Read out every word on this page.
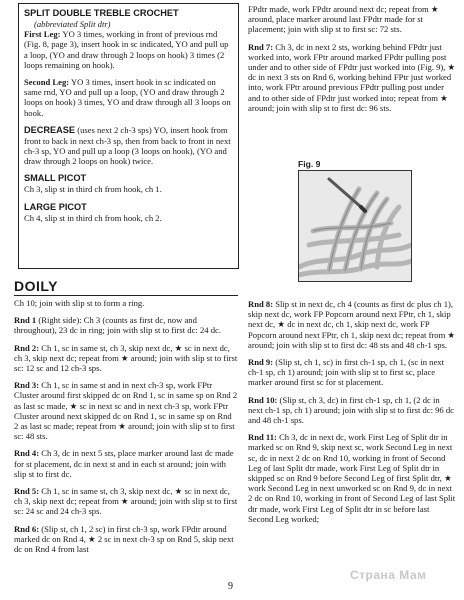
SPLIT DOUBLE TREBLE CROCHET

(abbreviated Split dtr)

First Leg: YO 3 times, working in front of previous rnd (Fig. 8, page 3), insert hook in sc indicated, YO and pull up a loop, (YO and draw through 2 loops on hook) 3 times (2 loops remaining on hook).

Second Leg: YO 3 times, insert hook in sc indicated on same rnd, YO and pull up a loop, (YO and draw through 2 loops on hook) 3 times, YO and draw through all 3 loops on hook.

DECREASE (uses next 2 ch-3 sps) YO, insert hook from front to back in next ch-3 sp, then from back to front in next ch-3 sp, YO and pull up a loop (3 loops on hook), (YO and draw through 2 loops on hook) twice.

SMALL PICOT

Ch 3, slip st in third ch from hook, ch 1.

LARGE PICOT

Ch 4, slip st in third ch from hook, ch 2.

FPdtr made, work FPdtr around next dc; repeat from ★ around, place marker around last FPdtr made for st placement; join with slip st to first sc: 72 sts.

Rnd 7: Ch 3, dc in next 2 sts, working behind FPdtr just worked into, work FPtr around marked FPdtr pulling post under and to other side of FPdtr just worked into (Fig. 9), ★ dc in next 3 sts on Rnd 6, working behind FPtr just worked into, work FPtr around previous FPdtr pulling post under and to other side of FPdtr just worked into; repeat from ★ around; join with slip st to first dc: 96 sts.

Fig. 9
DOILY

Ch 10; join with slip st to form a ring.

Rnd 1 (Right side): Ch 3 (counts as first dc, now and throughout), 23 dc in ring; join with slip st to first dc: 24 dc.

Rnd 2: Ch 1, sc in same st, ch 3, skip next dc, ★ sc in next dc, ch 3, skip next dc; repeat from ★ around; join with slip st to first sc: 12 sc and 12 ch-3 sps.

Rnd 3: Ch 1, sc in same st and in next ch-3 sp, work FPtr Cluster around first skipped dc on Rnd 1, sc in same sp on Rnd 2 as last sc made, ★ sc in next sc and in next ch-3 sp, work FPtr Cluster around next skipped dc on Rnd 1, sc in same sp on Rnd 2 as last sc made; repeat from ★ around; join with slip st to first sc: 48 sts.

Rnd 4: Ch 3, dc in next 5 sts, place marker around last dc made for st placement, dc in next st and in each st around; join with slip st to first dc.

Rnd 5: Ch 1, sc in same st, ch 3, skip next dc, ★ sc in next dc, ch 3, skip next dc; repeat from ★ around; join with slip st to first sc: 24 sc and 24 ch-3 sps.

Rnd 6: (Slip st, ch 1, 2 sc) in first ch-3 sp, work FPdtr around marked dc on Rnd 4, ★ 2 sc in next ch-3 sp on Rnd 5, skip next dc on Rnd 4 from last

Rnd 8: Slip st in next dc, ch 4 (counts as first dc plus ch 1), skip next dc, work FP Popcorn around next FPtr, ch 1, skip next dc, ★ dc in next dc, ch 1, skip next dc, work FP Popcorn around next FPtr, ch 1, skip next dc; repeat from ★ around; join with slip st to first dc: 48 sts and 48 ch-1 sps.

Rnd 9: (Slip st, ch 1, sc) in first ch-1 sp, ch 1, (sc in next ch-1 sp, ch 1) around; join with slip st to first sc, place marker around first sc for st placement.

Rnd 10: (Slip st, ch 3, dc) in first ch-1 sp, ch 1, (2 dc in next ch-1 sp, ch 1) around; join with slip st to first dc: 96 dc and 48 ch-1 sps.

Rnd 11: Ch 3, dc in next dc, work First Leg of Split dtr in marked sc on Rnd 9, skip next sc, work Second Leg in next sc, dc in next 2 dc on Rnd 10, working in front of Second Leg of last Split dtr made, work First Leg of Split dtr in skipped sc on Rnd 9 before Second Leg of first Split dtr, ★ work Second Leg in next unworked sc on Rnd 9, dc in next 2 dc on Rnd 10, working in front of Second Leg of last Split dtr made, work First Leg of Split dtr in sc before last Second Leg worked;

9
Страна Мам
